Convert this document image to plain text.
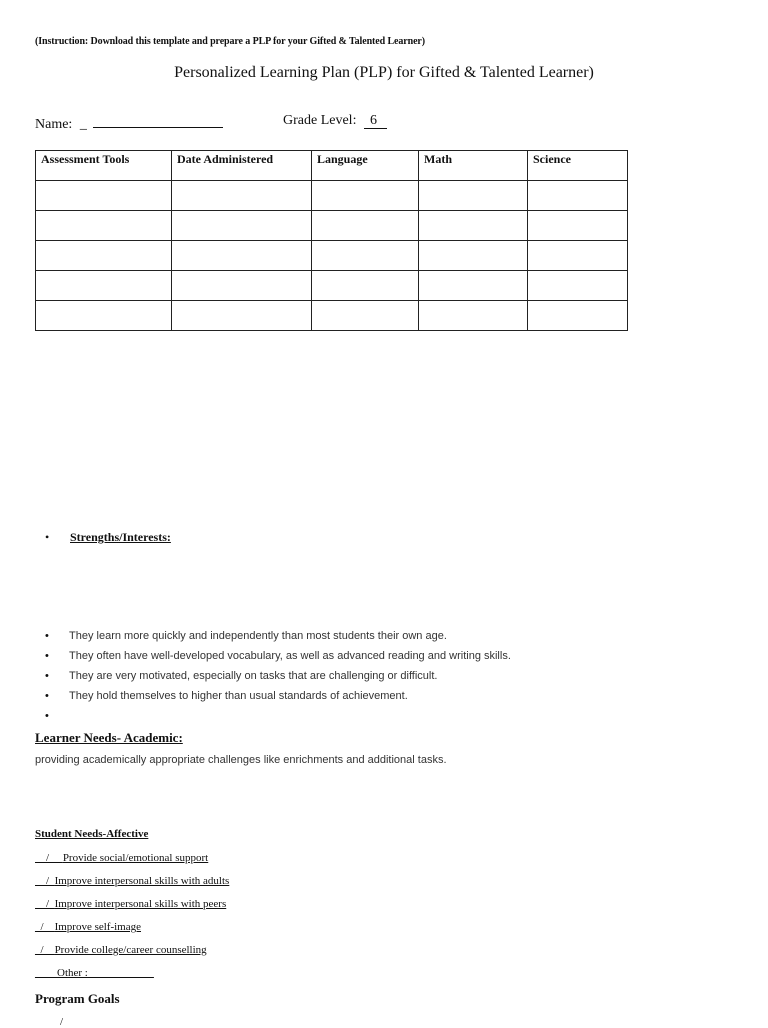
(Instruction: Download this template and prepare a PLP for your Gifted & Talented Learner)
Personalized Learning Plan (PLP) for Gifted & Talented Learner)
Name: _	Grade Level: 6
Assessment Tools	Date Administered	Language	Math	Science

• Strengths/Interests:
• They learn more quickly and independently than most students their own age.
• They often have well-developed vocabulary, as well as advanced reading and writing skills.
• They are very motivated, especially on tasks that are challenging or difficult.
• They hold themselves to higher than usual standards of achievement.
•
Learner Needs- Academic:
providing academically appropriate challenges like enrichments and additional tasks.
Student Needs-Affective
/     Provide social/emotional support
/  Improve interpersonal skills with adults
/  Improve interpersonal skills with peers
_/__Improve self-image
_/__Provide college/career counselling
____Other :____________
Program Goals
/
